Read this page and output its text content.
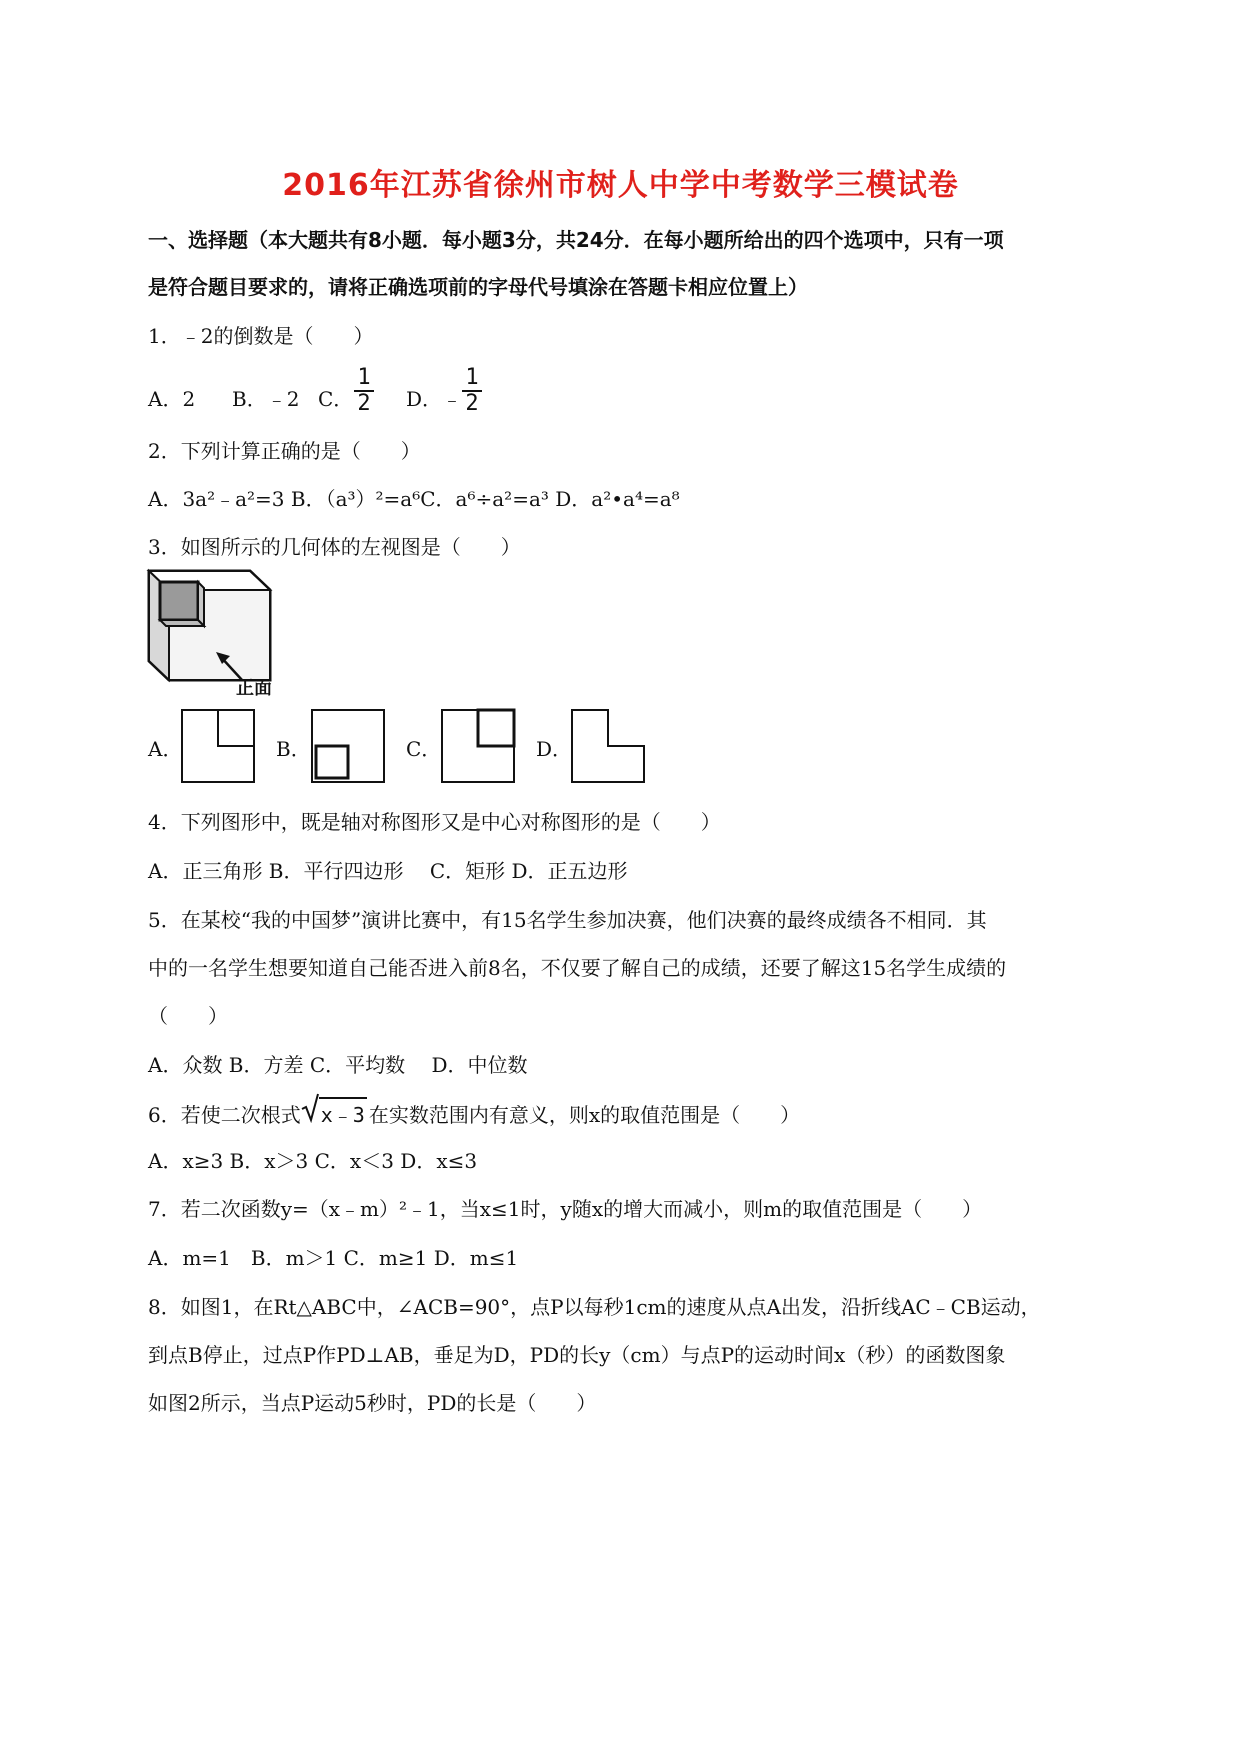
2016年江苏省徐州市树人中学中考数学三模试卷
一、选择题（本大题共有8小题．每小题3分，共24分．在每小题所给出的四个选项中，只有一项
是符合题目要求的，请将正确选项前的字母代号填涂在答题卡相应位置上）
1．﹣2的倒数是（　　）
A．2 B．﹣2 C． $\frac{1}{2}$ D．﹣ $\frac{1}{2}$
2．下列计算正确的是（　　）
A．3a²﹣a²=3 B．（a³）²=a⁶C．a⁶÷a²=a³ D．a²•a⁴=a⁸
3．如图所示的几何体的左视图是（　　）
正面
A．	B．	C．	D．
4．下列图形中，既是轴对称图形又是中心对称图形的是（　　）
A．正三角形 B．平行四边形　 C．矩形 D．正五边形
5．在某校“我的中国梦”演讲比赛中，有15名学生参加决赛，他们决赛的最终成绩各不相同．其
中的一名学生想要知道自己能否进入前8名，不仅要了解自己的成绩，还要了解这15名学生成绩的
（　　）
A．众数 B．方差 C．平均数　 D．中位数
6．若使二次根式 x﹣3 在实数范围内有意义，则x的取值范围是（　　）
A．x≥3 B．x＞3 C．x＜3 D．x≤3
7．若二次函数y=（x﹣m）²﹣1，当x≤1时，y随x的增大而减小，则m的取值范围是（　　）
A．m=1　B．m＞1 C．m≥1 D．m≤1
8．如图1，在Rt△ABC中，∠ACB=90°，点P以每秒1cm的速度从点A出发，沿折线AC﹣CB运动，
到点B停止，过点P作PD⊥AB，垂足为D，PD的长y（cm）与点P的运动时间x（秒）的函数图象
如图2所示，当点P运动5秒时，PD的长是（　　）
